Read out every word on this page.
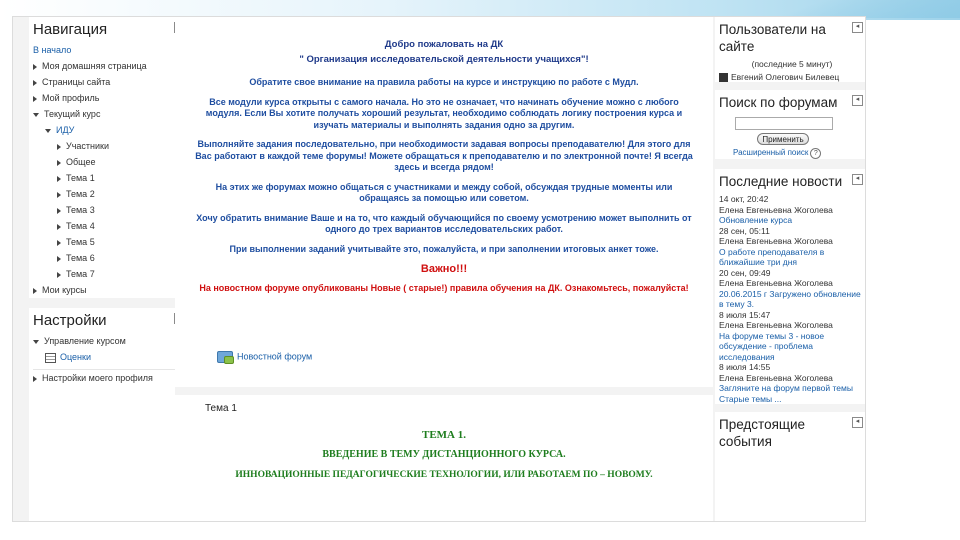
Навигация
В начало
Моя домашняя страница
Страницы сайта
Мой профиль
Текущий курс
ИДУ
Участники
Общее
Тема 1
Тема 2
Тема 3
Тема 4
Тема 5
Тема 6
Тема 7
Мои курсы
Настройки
Управление курсом
Оценки
Настройки моего профиля
Добро пожаловать на ДК
" Организация исследовательской деятельности учащихся"!
Обратите свое внимание на правила работы на курсе и инструкцию по работе с Мудл.
Все модули курса открыты с самого начала. Но это не означает, что начинать обучение можно с любого модуля. Если Вы хотите получать хороший результат, необходимо соблюдать логику построения курса и изучать материалы и выполнять задания одно за другим.
Выполняйте задания последовательно, при необходимости задавая вопросы преподавателю! Для этого для Вас работают в каждой теме форумы! Можете обращаться к преподавателю и по электронной почте! Я всегда здесь и всегда рядом!
На этих же форумах можно общаться с участниками и между собой, обсуждая трудные моменты или обращаясь за помощью или советом.
Хочу обратить внимание Ваше и на то, что каждый обучающийся по своему усмотрению может выполнить от одного до трех вариантов исследовательских работ.
При выполнении заданий учитывайте это, пожалуйста, и при заполнении итоговых анкет тоже.
Важно!!!
На новостном форуме опубликованы Новые ( старые!) правила обучения на ДК. Ознакомьтесь, пожалуйста!
Новостной форум
Тема 1
ТЕМА 1.
ВВЕДЕНИЕ В ТЕМУ ДИСТАНЦИОННОГО КУРСА.
ИННОВАЦИОННЫЕ ПЕДАГОГИЧЕСКИЕ ТЕХНОЛОГИИ, ИЛИ РАБОТАЕМ ПО – НОВОМУ.
Пользователи на сайте
◂
(последние 5 минут)
Евгений Олегович Билевец
Поиск по форумам	◂
Применить
Расширенный поиск ?
Последние новости	◂
14 окт, 20:42
Елена Евгеньевна Жоголева
Обновление курса
28 сен, 05:11
Елена Евгеньевна Жоголева
О работе преподавателя в ближайшие три дня
20 сен, 09:49
Елена Евгеньевна Жоголева
20.06.2015 г Загружено обновление в тему 3.
8 июля 15:47
Елена Евгеньевна Жоголева
На форуме темы 3 - новое обсуждение - проблема исследования
8 июля 14:55
Елена Евгеньевна Жоголева
Загляните на форум первой темы
Старые темы ...
Предстоящие события
◂
